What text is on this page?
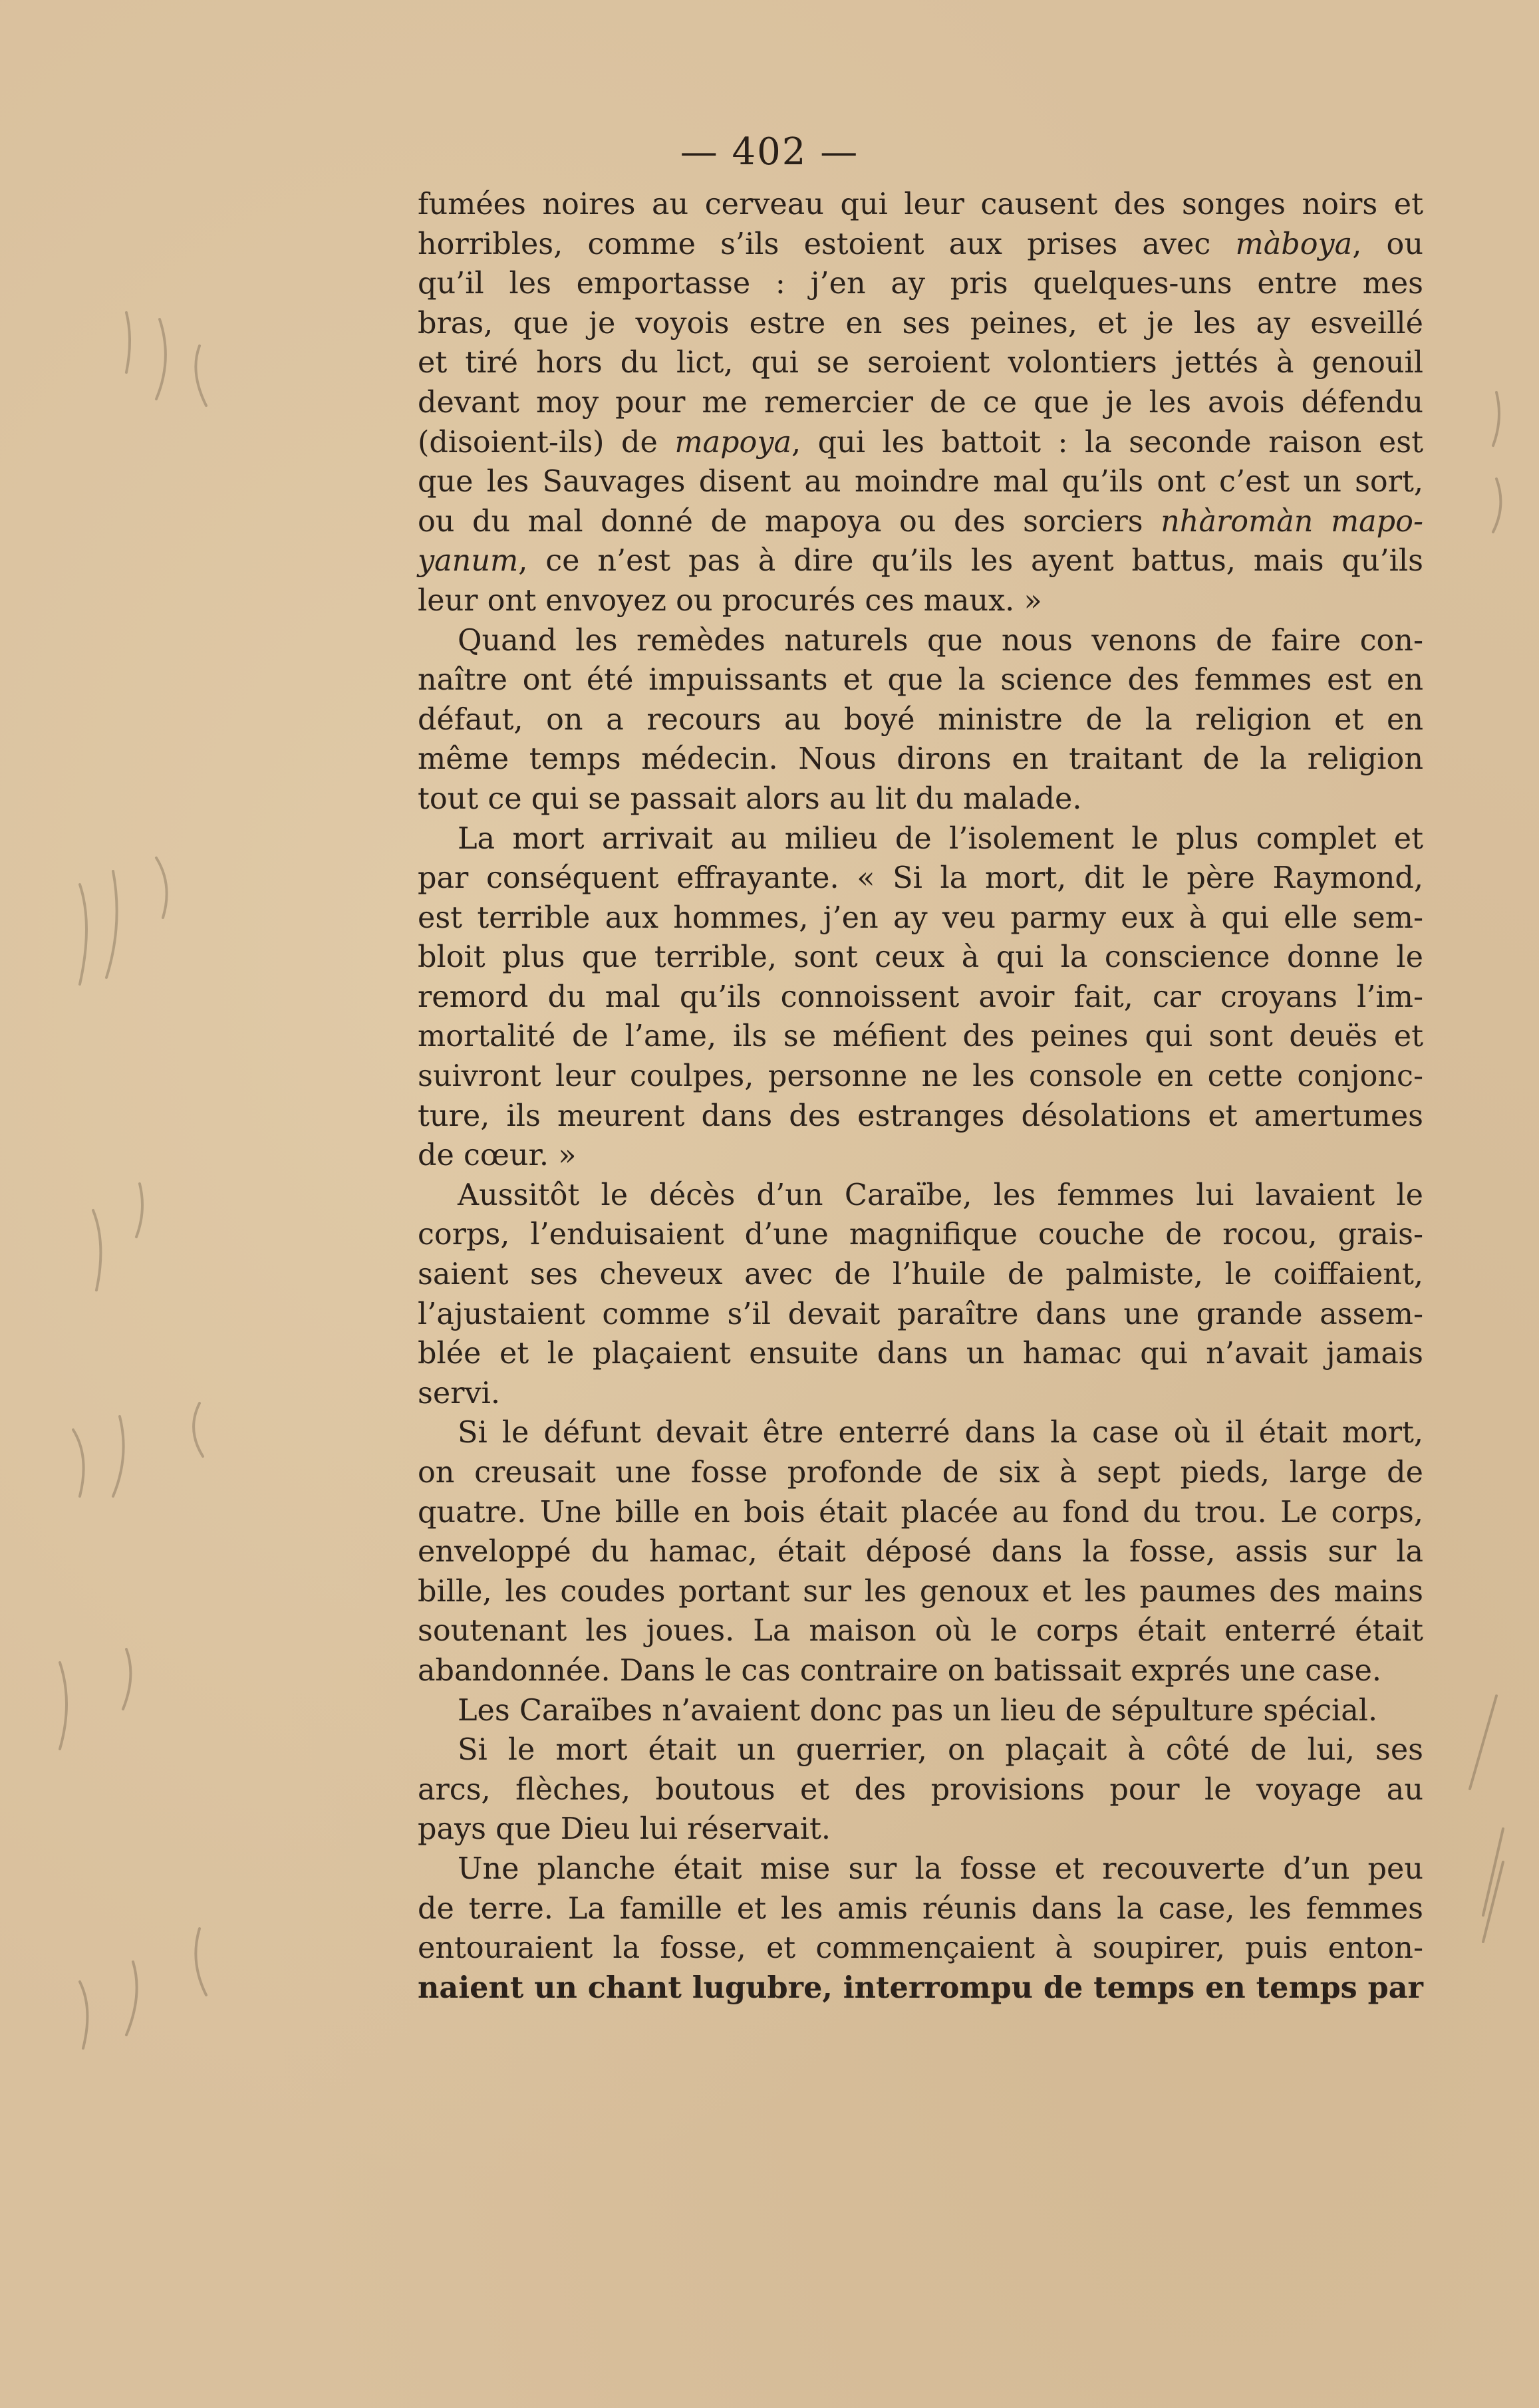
— 402 —
fumées noires au cerveau qui leur causent des songes noirs et
horribles, comme s’ils estoient aux prises avec màboya, ou
qu’il les emportasse : j’en ay pris quelques-uns entre mes
bras, que je voyois estre en ses peines, et je les ay esveillé
et tiré hors du lict, qui se seroient volontiers jettés à genouil
devant moy pour me remercier de ce que je les avois défendu
(disoient-ils) de mapoya, qui les battoit : la seconde raison est
que les Sauvages disent au moindre mal qu’ils ont c’est un sort,
ou du mal donné de mapoya ou des sorciers nhàromàn mapo-
yanum, ce n’est pas à dire qu’ils les ayent battus, mais qu’ils
leur ont envoyez ou procurés ces maux. »
Quand les remèdes naturels que nous venons de faire con-
naître ont été impuissants et que la science des femmes est en
défaut, on a recours au boyé ministre de la religion et en
même temps médecin. Nous dirons en traitant de la religion
tout ce qui se passait alors au lit du malade.
La mort arrivait au milieu de l’isolement le plus complet et
par conséquent effrayante. « Si la mort, dit le père Raymond,
est terrible aux hommes, j’en ay veu parmy eux à qui elle sem-
bloit plus que terrible, sont ceux à qui la conscience donne le
remord du mal qu’ils connoissent avoir fait, car croyans l’im-
mortalité de l’ame, ils se méfient des peines qui sont deuës et
suivront leur coulpes, personne ne les console en cette conjonc-
ture, ils meurent dans des estranges désolations et amertumes
de cœur. »
Aussitôt le décès d’un Caraïbe, les femmes lui lavaient le
corps, l’enduisaient d’une magnifique couche de rocou, grais-
saient ses cheveux avec de l’huile de palmiste, le coiffaient,
l’ajustaient comme s’il devait paraître dans une grande assem-
blée et le plaçaient ensuite dans un hamac qui n’avait jamais
servi.
Si le défunt devait être enterré dans la case où il était mort,
on creusait une fosse profonde de six à sept pieds, large de
quatre. Une bille en bois était placée au fond du trou. Le corps,
enveloppé du hamac, était déposé dans la fosse, assis sur la
bille, les coudes portant sur les genoux et les paumes des mains
soutenant les joues. La maison où le corps était enterré était
abandonnée. Dans le cas contraire on batissait exprés une case.
Les Caraïbes n’avaient donc pas un lieu de sépulture spécial.
Si le mort était un guerrier, on plaçait à côté de lui, ses
arcs, flèches, boutous et des provisions pour le voyage au
pays que Dieu lui réservait.
Une planche était mise sur la fosse et recouverte d’un peu
de terre. La famille et les amis réunis dans la case, les femmes
entouraient la fosse, et commençaient à soupirer, puis enton-
naient un chant lugubre, interrompu de temps en temps par
